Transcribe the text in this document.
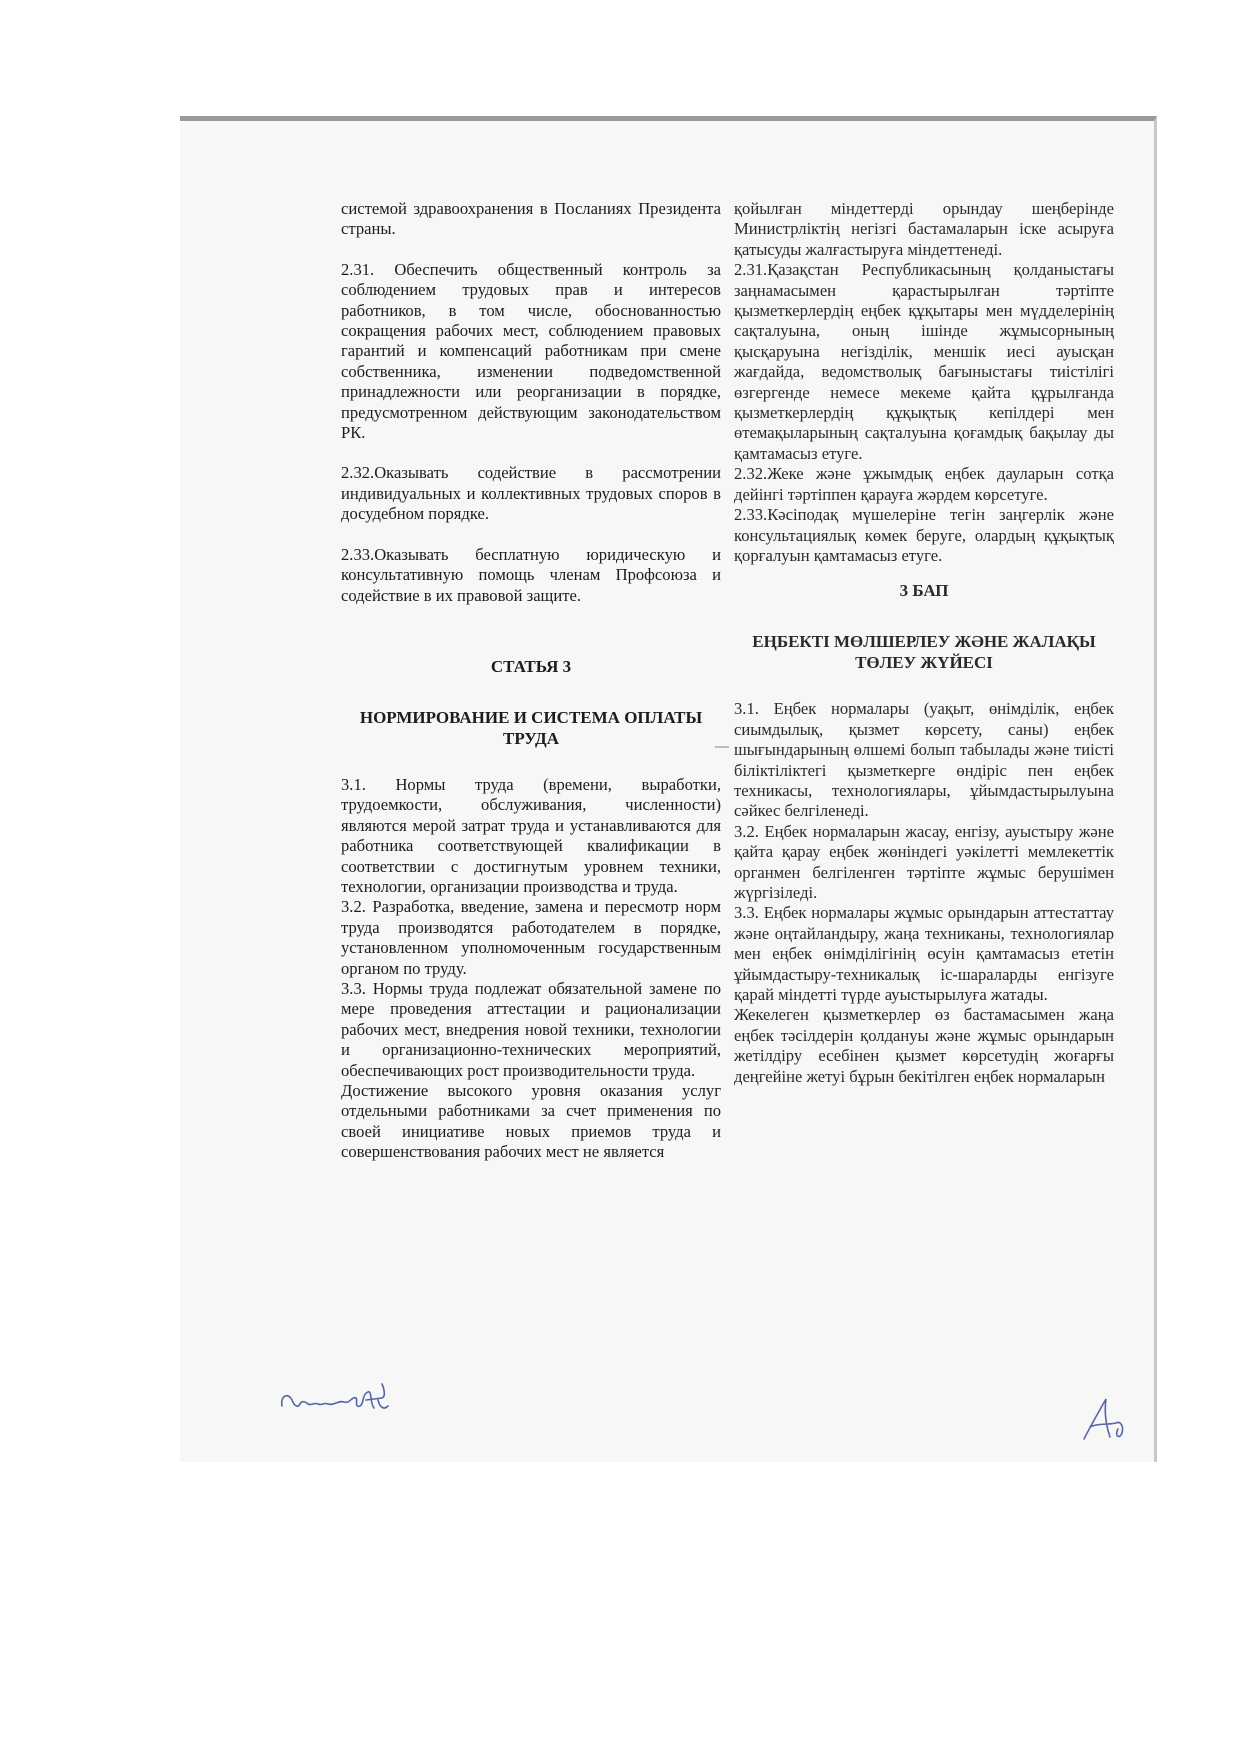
системой здравоохранения в Посланиях Президента страны.

2.31. Обеспечить общественный контроль за соблюдением трудовых прав и интересов работников, в том числе, обоснованностью сокращения рабочих мест, соблюдением правовых гарантий и компенсаций работникам при смене собственника, изменении подведомственной принадлежности или реорганизации в порядке, предусмотренном действующим законодательством РК.

2.32.Оказывать содействие в рассмотрении индивидуальных и коллективных трудовых споров в досудебном порядке.

2.33.Оказывать бесплатную юридическую и консультативную помощь членам Профсоюза и содействие в их правовой защите.

СТАТЬЯ 3
НОРМИРОВАНИЕ И СИСТЕМА ОПЛАТЫ ТРУДА

3.1. Нормы труда (времени, выработки, трудоемкости, обслуживания, численности) являются мерой затрат труда и устанавливаются для работника соответствующей квалификации в соответствии с достигнутым уровнем техники, технологии, организации производства и труда.

3.2. Разработка, введение, замена и пересмотр норм труда производятся работодателем в порядке, установленном уполномоченным государственным органом по труду.

3.3. Нормы труда подлежат обязательной замене по мере проведения аттестации и рационализации рабочих мест, внедрения новой техники, технологии и организационно-технических мероприятий, обеспечивающих рост производительности труда.

Достижение высокого уровня оказания услуг отдельными работниками за счет применения по своей инициативе новых приемов труда и совершенствования рабочих мест не является

қойылған міндеттерді орындау шеңберінде Министрліктің негізгі бастамаларын іске асыруға қатысуды жалғастыруға міндеттенеді.

2.31.Қазақстан Республикасының қолданыстағы заңнамасымен қарастырылған тәртіпте қызметкерлердің еңбек құқытары мен мүдделерінің сақталуына, оның ішінде жұмысорнының қысқаруына негізділік, меншік иесі ауысқан жағдайда, ведомстволық бағыныстағы тиістілігі өзгергенде немесе мекеме қайта құрылғанда қызметкерлердің құқықтық кепілдері мен өтемақыларының сақталуына қоғамдық бақылау ды қамтамасыз етуге.

2.32.Жеке және ұжымдық еңбек дауларын сотқа дейінгі тәртіппен қарауға жәрдем көрсетуге.

2.33.Кәсіподақ мүшелеріне тегін заңгерлік және консультациялық көмек беруге, олардың құқықтық қорғалуын қамтамасыз етуге.

3 БАП
ЕҢБЕКТІ МӨЛШЕРЛЕУ ЖӘНЕ ЖАЛАҚЫ ТӨЛЕУ ЖҮЙЕСІ

3.1. Еңбек нормалары (уақыт, өнімділік, еңбек сиымдылық, қызмет көрсету, саны) еңбек шығындарының өлшемі болып табылады және тиісті біліктіліктегі қызметкерге өндіріс пен еңбек техникасы, технологиялары, ұйымдастырылуына сәйкес белгіленеді.

3.2. Еңбек нормаларын жасау, енгізу, ауыстыру және қайта қарау еңбек жөніндегі уәкілетті мемлекеттік органмен белгіленген тәртіпте жұмыс берушімен жүргізіледі.

3.3. Еңбек нормалары жұмыс орындарын аттестаттау және оңтайландыру, жаңа техниканы, технологиялар мен еңбек өнімділігінің өсуін қамтамасыз ететін ұйымдастыру-техникалық іс-шараларды енгізуге қарай міндетті түрде ауыстырылуға жатады.

Жекелеген қызметкерлер өз бастамасымен жаңа еңбек тәсілдерін қолдануы және жұмыс орындарын жетілдіру есебінен қызмет көрсетудің жоғарғы деңгейіне жетуі бұрын бекітілген еңбек нормаларын
